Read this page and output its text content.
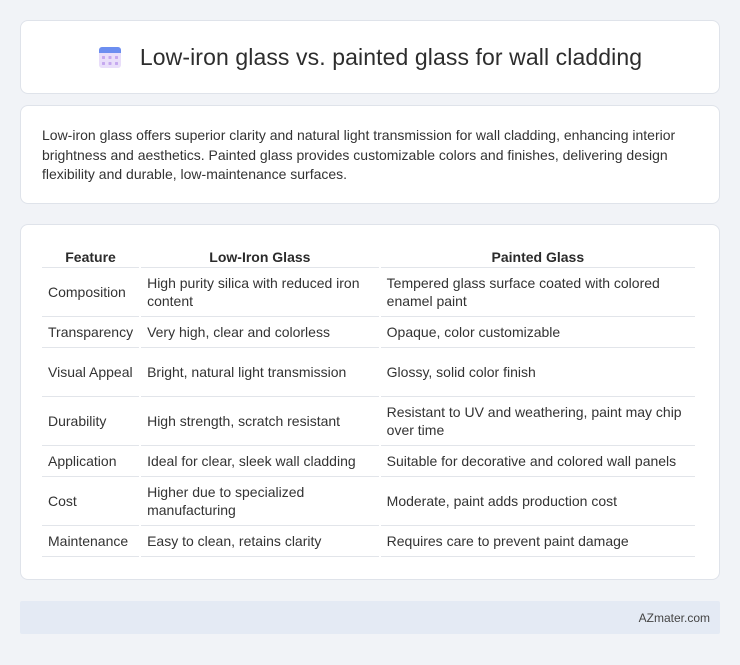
Low-iron glass vs. painted glass for wall cladding

Low-iron glass offers superior clarity and natural light transmission for wall cladding, enhancing interior brightness and aesthetics. Painted glass provides customizable colors and finishes, delivering design flexibility and durable, low-maintenance surfaces.

Feature	Low-Iron Glass	Painted Glass
Composition	High purity silica with reduced iron content	Tempered glass surface coated with colored enamel paint
Transparency	Very high, clear and colorless	Opaque, color customizable
Visual Appeal	Bright, natural light transmission	Glossy, solid color finish
Durability	High strength, scratch resistant	Resistant to UV and weathering, paint may chip over time
Application	Ideal for clear, sleek wall cladding	Suitable for decorative and colored wall panels
Cost	Higher due to specialized manufacturing	Moderate, paint adds production cost
Maintenance	Easy to clean, retains clarity	Requires care to prevent paint damage
AZmater.com
